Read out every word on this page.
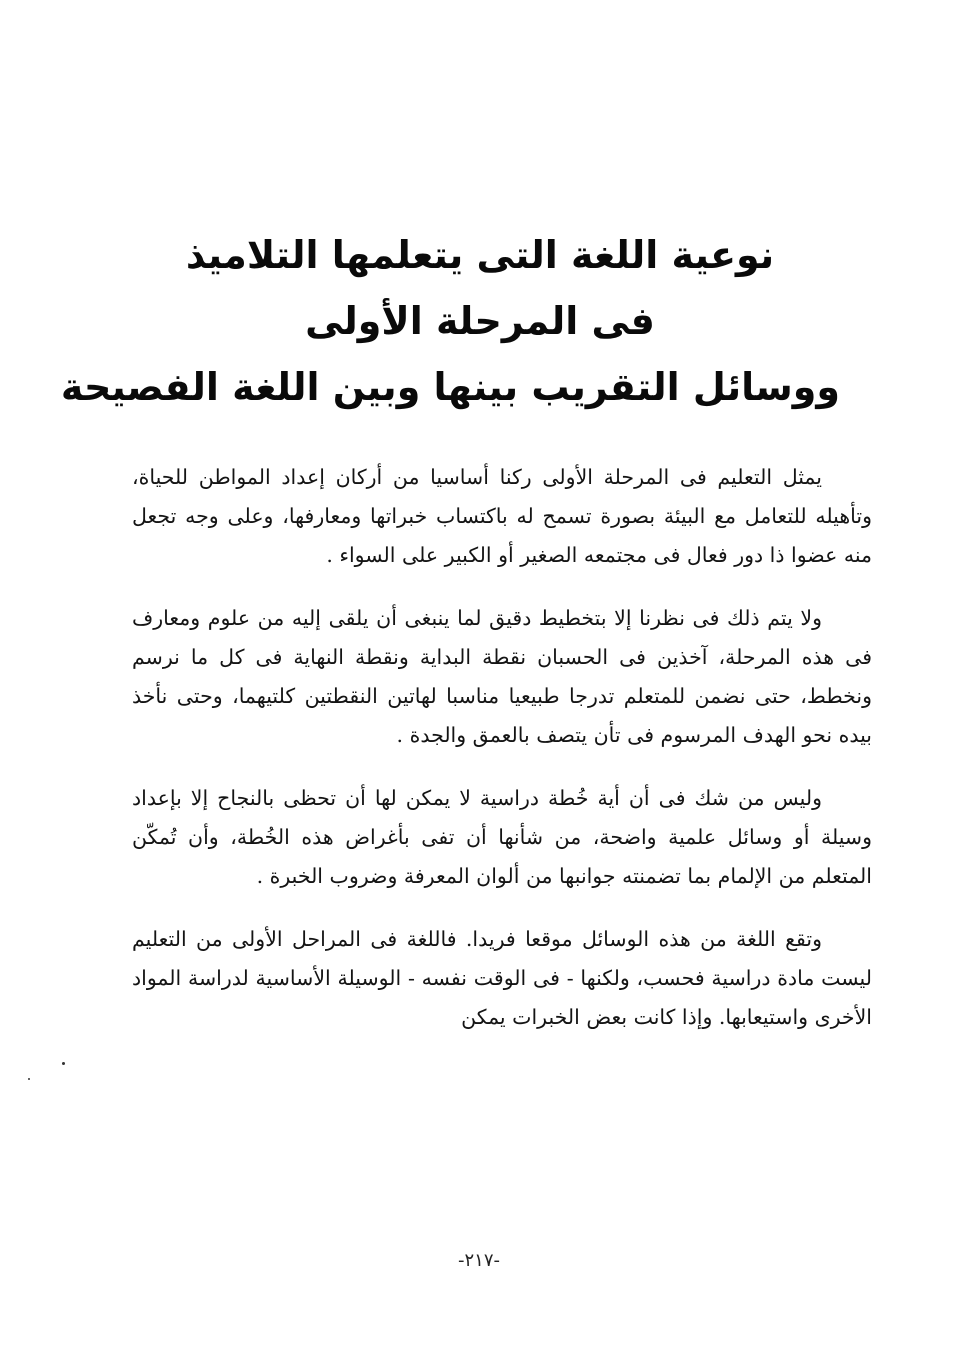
نوعية اللغة التى يتعلمها التلاميذ
فى المرحلة الأولى
ووسائل التقريب بينها وبين اللغة الفصيحة

يمثل التعليم فى المرحلة الأولى ركنا أساسيا من أركان إعداد المواطن للحياة، وتأهيله للتعامل مع البيئة بصورة تسمح له باكتساب خبراتها ومعارفها، وعلى وجه تجعل منه عضوا ذا دور فعال فى مجتمعه الصغير أو الكبير على السواء .

ولا يتم ذلك فى نظرنا إلا بتخطيط دقيق لما ينبغى أن يلقى إليه من علوم ومعارف فى هذه المرحلة، آخذين فى الحسبان نقطة البداية ونقطة النهاية فى كل ما نرسم ونخطط، حتى نضمن للمتعلم تدرجا طبيعيا مناسبا لهاتين النقطتين كلتيهما، وحتى نأخذ بيده نحو الهدف المرسوم فى تأن يتصف بالعمق والجدة .

وليس من شك فى أن أية خُطة دراسية لا يمكن لها أن تحظى بالنجاح إلا بإعداد وسيلة أو وسائل علمية واضحة، من شأنها أن تفى بأغراض هذه الخُطة، وأن تُمكّن المتعلم من الإلمام بما تضمنته جوانبها من ألوان المعرفة وضروب الخبرة .

وتقع اللغة من هذه الوسائل موقعا فريدا. فاللغة فى المراحل الأولى من التعليم ليست مادة دراسية فحسب، ولكنها - فى الوقت نفسه - الوسيلة الأساسية لدراسة المواد الأخرى واستيعابها. وإذا كانت بعض الخبرات يمكن

-٢١٧-
